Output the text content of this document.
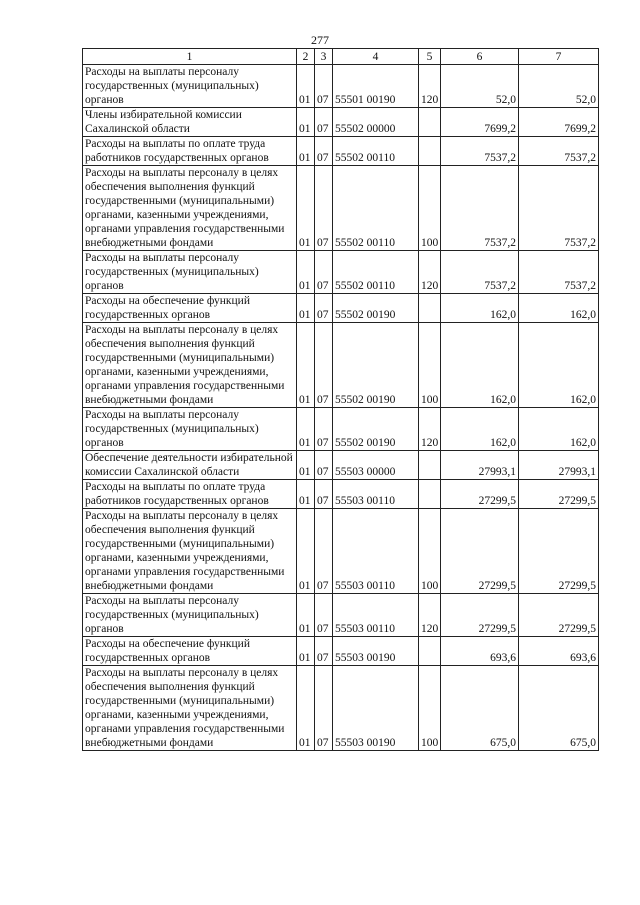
277
1	2	3	4	5	6	7
Расходы на выплаты персоналу государственных (муниципальных) органов	01	07	55501 00190	120	52,0	52,0
Члены избирательной комиссии Сахалинской области	01	07	55502 00000		7699,2	7699,2
Расходы на выплаты по оплате труда работников государственных органов	01	07	55502 00110		7537,2	7537,2
Расходы на выплаты персоналу в целях обеспечения выполнения функций государственными (муниципальными) органами, казенными учреждениями, органами управления государственными внебюджетными фондами	01	07	55502 00110	100	7537,2	7537,2
Расходы на выплаты персоналу государственных (муниципальных) органов	01	07	55502 00110	120	7537,2	7537,2
Расходы на обеспечение функций государственных органов	01	07	55502 00190		162,0	162,0
Расходы на выплаты персоналу в целях обеспечения выполнения функций государственными (муниципальными) органами, казенными учреждениями, органами управления государственными внебюджетными фондами	01	07	55502 00190	100	162,0	162,0
Расходы на выплаты персоналу государственных (муниципальных) органов	01	07	55502 00190	120	162,0	162,0
Обеспечение деятельности избирательной комиссии Сахалинской области	01	07	55503 00000		27993,1	27993,1
Расходы на выплаты по оплате труда работников государственных органов	01	07	55503 00110		27299,5	27299,5
Расходы на выплаты персоналу в целях обеспечения выполнения функций государственными (муниципальными) органами, казенными учреждениями, органами управления государственными внебюджетными фондами	01	07	55503 00110	100	27299,5	27299,5
Расходы на выплаты персоналу государственных (муниципальных) органов	01	07	55503 00110	120	27299,5	27299,5
Расходы на обеспечение функций государственных органов	01	07	55503 00190		693,6	693,6
Расходы на выплаты персоналу в целях обеспечения выполнения функций государственными (муниципальными) органами, казенными учреждениями, органами управления государственными внебюджетными фондами	01	07	55503 00190	100	675,0	675,0
